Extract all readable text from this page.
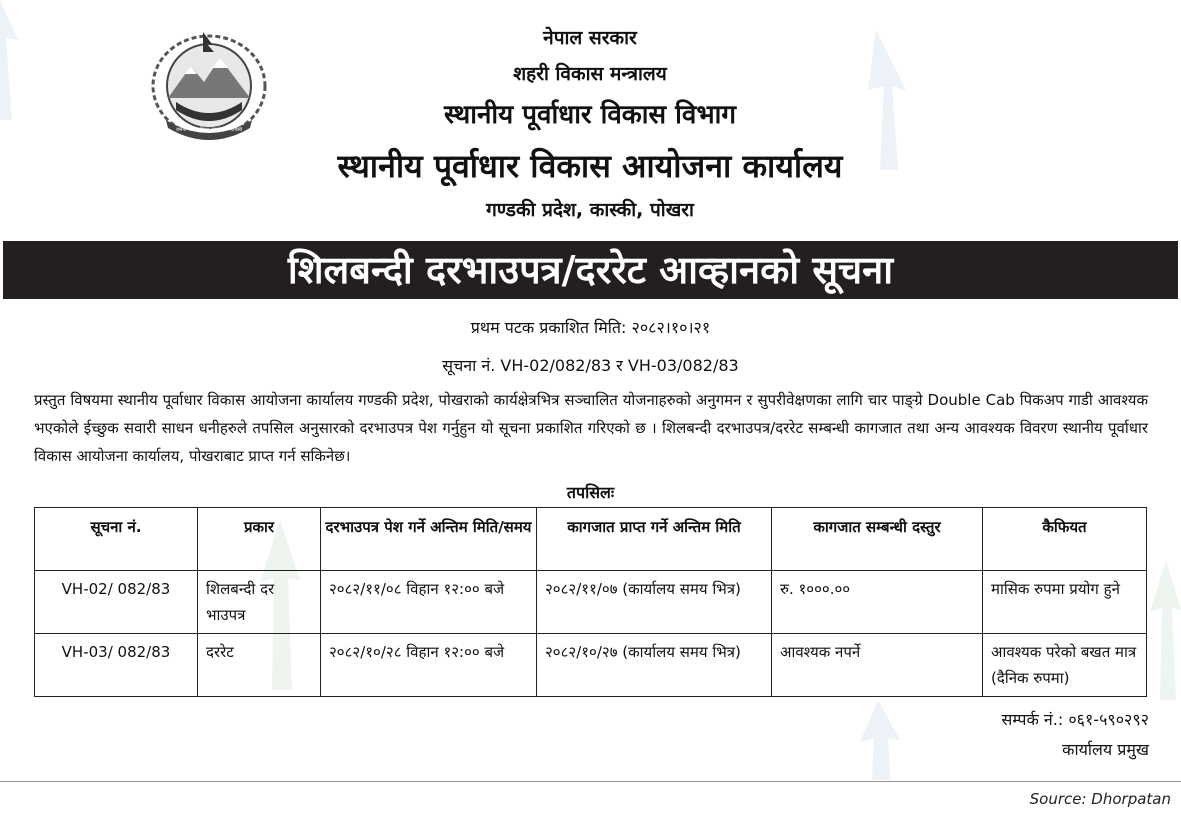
जननी जन्मभूमिश्च स्वर्गादपि गरीयसी
नेपाल सरकार
शहरी विकास मन्त्रालय
स्थानीय पूर्वाधार विकास विभाग
स्थानीय पूर्वाधार विकास आयोजना कार्यालय
गण्डकी प्रदेश, कास्की, पोखरा
शिलबन्दी दरभाउपत्र/दररेट आव्हानको सूचना
प्रथम पटक प्रकाशित मिति: २०८२।१०।२१
सूचना नं. VH-02/082/83 र VH-03/082/83
प्रस्तुत विषयमा स्थानीय पूर्वाधार विकास आयोजना कार्यालय गण्डकी प्रदेश, पोखराको कार्यक्षेत्रभित्र सञ्चालित योजनाहरुको अनुगमन र सुपरीवेक्षणका लागि चार पाङ्ग्रे Double Cab पिकअप गाडी आवश्यक भएकोले ईच्छुक सवारी साधन धनीहरुले तपसिल अनुसारको दरभाउपत्र पेश गर्नुहुन यो सूचना प्रकाशित गरिएको छ । शिलबन्दी दरभाउपत्र/दररेट सम्बन्धी कागजात तथा अन्य आवश्यक विवरण स्थानीय पूर्वाधार विकास आयोजना कार्यालय, पोखराबाट प्राप्त गर्न सकिनेछ।
तपसिलः
सूचना नं.	प्रकार	दरभाउपत्र पेश गर्ने अन्तिम मिति/समय	कागजात प्राप्त गर्ने अन्तिम मिति	कागजात सम्बन्धी दस्तुर	कैफियत
VH-02/ 082/83	शिलबन्दी दर भाउपत्र	२०८२/११/०८ विहान १२:०० बजे	२०८२/११/०७ (कार्यालय समय भित्र)	रु. १०००.००	मासिक रुपमा प्रयोग हुने
VH-03/ 082/83	दररेट	२०८२/१०/२८ विहान १२:०० बजे	२०८२/१०/२७ (कार्यालय समय भित्र)	आवश्यक नपर्ने	आवश्यक परेको बखत मात्र (दैनिक रुपमा)
सम्पर्क नं.: ०६१-५९०२९२
कार्यालय प्रमुख
Source: Dhorpatan
